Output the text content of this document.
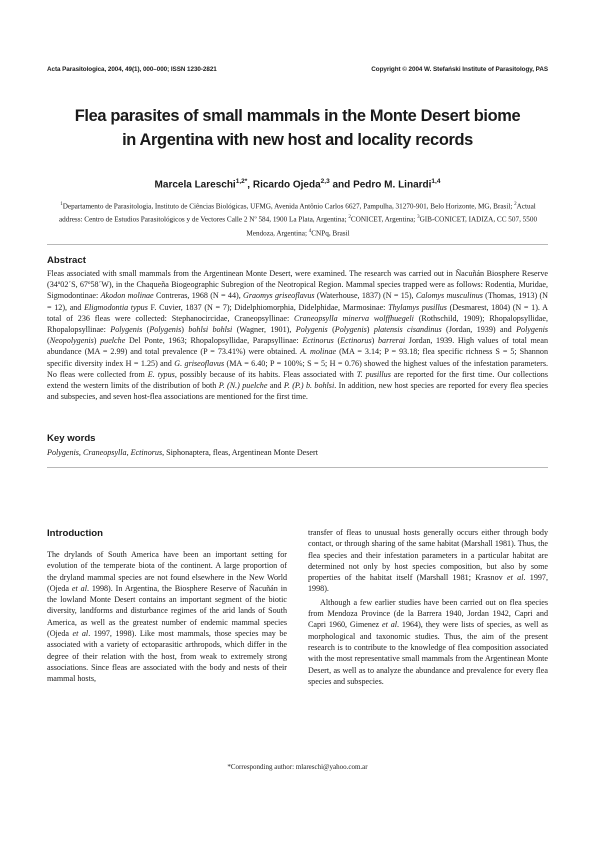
Acta Parasitologica, 2004, 49(1), 000–000; ISSN 1230-2821	Copyright © 2004 W. Stefański Institute of Parasitology, PAS
Flea parasites of small mammals in the Monte Desert biome
in Argentina with new host and locality records
Marcela Lareschi$^{1,2*}$, Ricardo Ojeda$^{2,3}$ and Pedro M. Linardi$^{1,4}$
$^1$Departamento de Parasitologia, Instituto de Ciências Biológicas, UFMG, Avenida Antônio Carlos 6627, Pampulha, 31270-901, Belo Horizonte, MG, Brasil; $^2$Actual address: Centro de Estudios Parasitológicos y de Vectores Calle 2 Nº 584, 1900 La Plata, Argentina; $^2$CONICET, Argentina; $^3$GIB-CONICET, IADIZA, CC 507, 5500 Mendoza, Argentina; $^4$CNPq, Brasil
Abstract
Fleas associated with small mammals from the Argentinean Monte Desert, were examined. The research was carried out in Ñacuñán Biosphere Reserve (34º02´S, 67º58´W), in the Chaqueña Biogeographic Subregion of the Neotropical Region. Mammal species trapped were as follows: Rodentia, Muridae, Sigmodontinae: Akodon molinae Contreras, 1968 (N = 44), Graomys griseoflavus (Waterhouse, 1837) (N = 15), Calomys musculinus (Thomas, 1913) (N = 12), and Eligmodontia typus F. Cuvier, 1837 (N = 7); Didelphiomorphia, Didelphidae, Marmosinae: Thylamys pusillus (Desmarest, 1804) (N = 1). A total of 236 fleas were collected: Stephanocircidae, Craneopsyllinae: Craneopsylla minerva wolffhuegeli (Rothschild, 1909); Rhopalopsyllidae, Rhopalopsyllinae: Polygenis (Polygenis) bohlsi bohlsi (Wagner, 1901), Polygenis (Polygenis) platensis cisandinus (Jordan, 1939) and Polygenis (Neopolygenis) puelche Del Ponte, 1963; Rhopalopsyllidae, Parapsyllinae: Ectinorus (Ectinorus) barrerai Jordan, 1939. High values of total mean abundance (MA = 2.99) and total prevalence (P = 73.41%) were obtained. A. molinae (MA = 3.14; P = 93.18; flea specific richness S = 5; Shannon specific diversity index H = 1.25) and G. griseoflavus (MA = 6.40; P = 100%; S = 5; H = 0.76) showed the highest values of the infestation parameters. No fleas were collected from E. typus, possibly because of its habits. Fleas associated with T. pusillus are reported for the first time. Our collections extend the western limits of the distribution of both P. (N.) puelche and P. (P.) b. bohlsi. In addition, new host species are reported for every flea species and subspecies, and seven host-flea associations are mentioned for the first time.
Key words
Polygenis, Craneopsylla, Ectinorus, Siphonaptera, fleas, Argentinean Monte Desert
Introduction

The drylands of South America have been an important setting for evolution of the temperate biota of the continent. A large proportion of the dryland mammal species are not found elsewhere in the New World (Ojeda et al. 1998). In Argentina, the Biosphere Reserve of Ñacuñán in the lowland Monte Desert contains an important segment of the biotic diversity, landforms and disturbance regimes of the arid lands of South America, as well as the greatest number of endemic mammal species (Ojeda et al. 1997, 1998). Like most mammals, those species may be associated with a variety of ectoparasitic arthropods, which differ in the degree of their relation with the host, from weak to extremely strong associations. Since fleas are associated with the body and nests of their mammal hosts,

transfer of fleas to unusual hosts generally occurs either through body contact, or through sharing of the same habitat (Marshall 1981). Thus, the flea species and their infestation parameters in a particular habitat are determined not only by host species composition, but also by some properties of the habitat itself (Marshall 1981; Krasnov et al. 1997, 1998).

Although a few earlier studies have been carried out on flea species from Mendoza Province (de la Barrera 1940, Jordan 1942, Capri and Capri 1960, Gimenez et al. 1964), they were lists of species, as well as morphological and taxonomic studies. Thus, the aim of the present research is to contribute to the knowledge of flea composition associated with the most representative small mammals from the Argentinean Monte Desert, as well as to analyze the abundance and prevalence for every flea species and subspecies.

*Corresponding author: mlareschi@yahoo.com.ar
